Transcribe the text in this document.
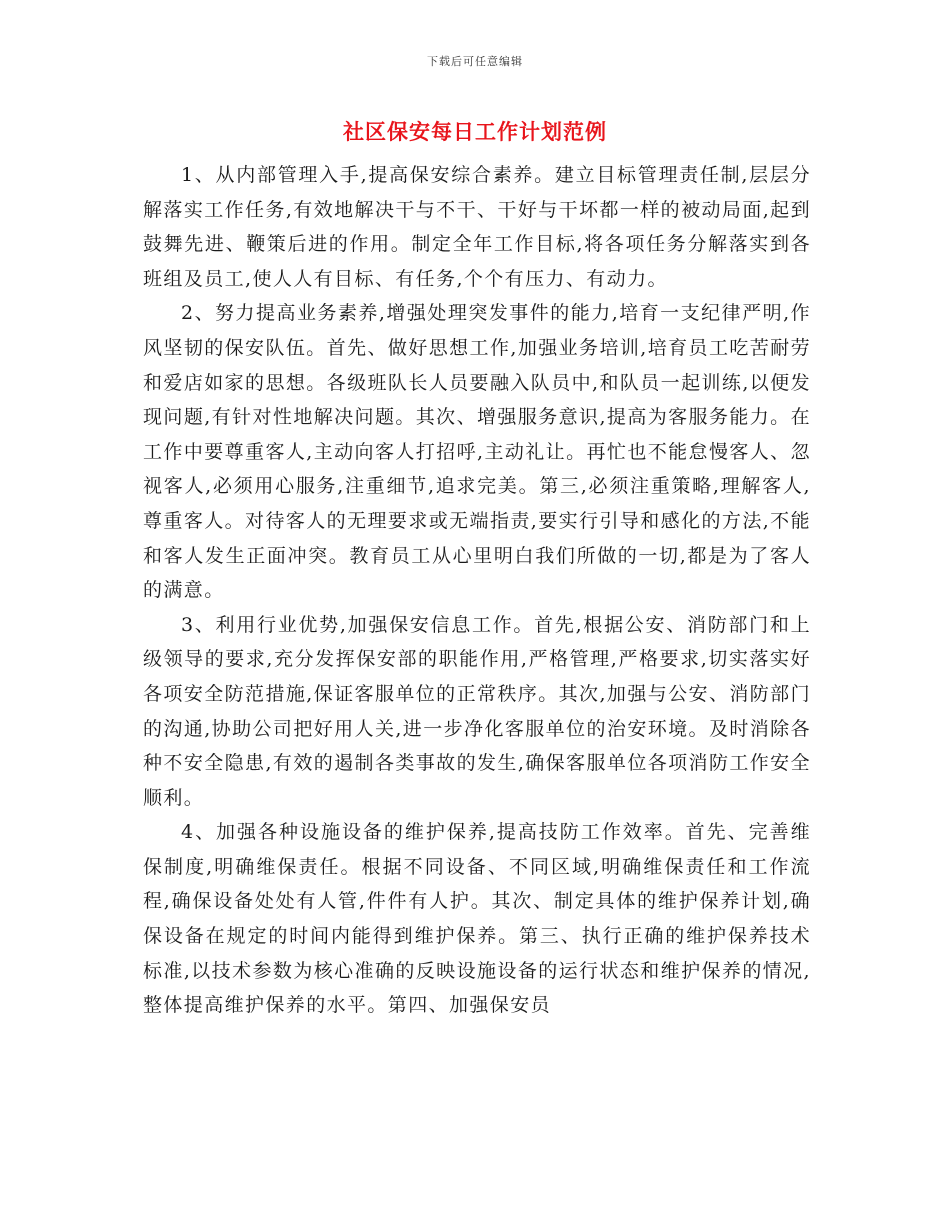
下载后可任意编辑
社区保安每日工作计划范例

1、从内部管理入手,提高保安综合素养。建立目标管理责任制,层层分解落实工作任务,有效地解决干与不干、干好与干坏都一样的被动局面,起到鼓舞先进、鞭策后进的作用。制定全年工作目标,将各项任务分解落实到各班组及员工,使人人有目标、有任务,个个有压力、有动力。

2、努力提高业务素养,增强处理突发事件的能力,培育一支纪律严明,作风坚韧的保安队伍。首先、做好思想工作,加强业务培训,培育员工吃苦耐劳和爱店如家的思想。各级班队长人员要融入队员中,和队员一起训练,以便发现问题,有针对性地解决问题。其次、增强服务意识,提高为客服务能力。在工作中要尊重客人,主动向客人打招呼,主动礼让。再忙也不能怠慢客人、忽视客人,必须用心服务,注重细节,追求完美。第三,必须注重策略,理解客人,尊重客人。对待客人的无理要求或无端指责,要实行引导和感化的方法,不能和客人发生正面冲突。教育员工从心里明白我们所做的一切,都是为了客人的满意。

3、利用行业优势,加强保安信息工作。首先,根据公安、消防部门和上级领导的要求,充分发挥保安部的职能作用,严格管理,严格要求,切实落实好各项安全防范措施,保证客服单位的正常秩序。其次,加强与公安、消防部门的沟通,协助公司把好用人关,进一步净化客服单位的治安环境。及时消除各种不安全隐患,有效的遏制各类事故的发生,确保客服单位各项消防工作安全顺利。

4、加强各种设施设备的维护保养,提高技防工作效率。首先、完善维保制度,明确维保责任。根据不同设备、不同区域,明确维保责任和工作流程,确保设备处处有人管,件件有人护。其次、制定具体的维护保养计划,确保设备在规定的时间内能得到维护保养。第三、执行正确的维护保养技术标准,以技术参数为核心准确的反映设施设备的运行状态和维护保养的情况,整体提高维护保养的水平。第四、加强保安员
